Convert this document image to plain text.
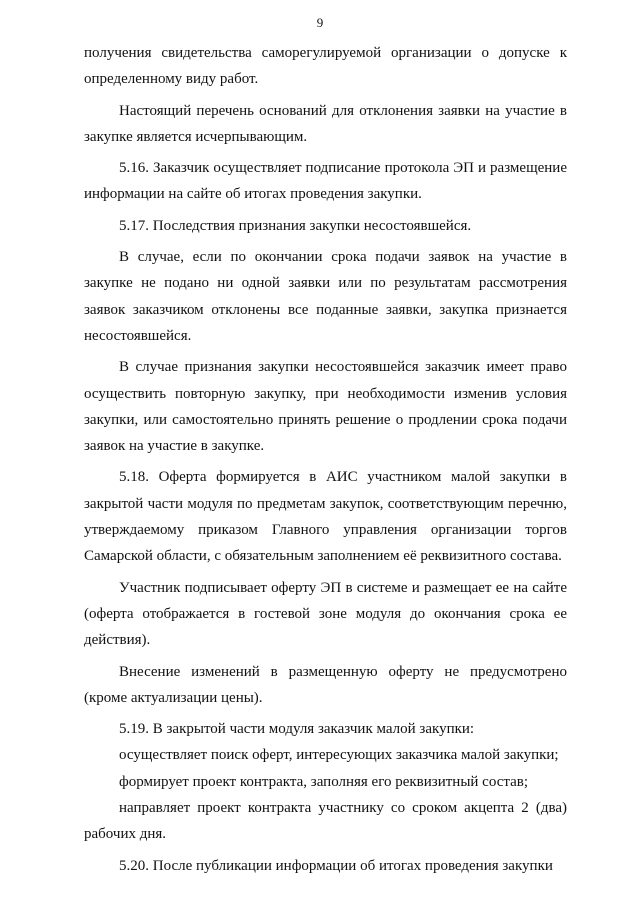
9

получения свидетельства саморегулируемой организации о допуске к определенному виду работ.

Настоящий перечень оснований для отклонения заявки на участие в закупке является исчерпывающим.

5.16. Заказчик осуществляет подписание протокола ЭП и размещение информации на сайте об итогах проведения закупки.

5.17. Последствия признания закупки несостоявшейся.

В случае, если по окончании срока подачи заявок на участие в закупке не подано ни одной заявки или по результатам рассмотрения заявок заказчиком отклонены все поданные заявки, закупка признается несостоявшейся.

В случае признания закупки несостоявшейся заказчик имеет право осуществить повторную закупку, при необходимости изменив условия закупки, или самостоятельно принять решение о продлении срока подачи заявок на участие в закупке.

5.18. Оферта формируется в АИС участником малой закупки в закрытой части модуля по предметам закупок, соответствующим перечню, утверждаемому приказом Главного управления организации торгов Самарской области, с обязательным заполнением её реквизитного состава.

Участник подписывает оферту ЭП в системе и размещает ее на сайте (оферта отображается в гостевой зоне модуля до окончания срока ее действия).

Внесение изменений в размещенную оферту не предусмотрено (кроме актуализации цены).

5.19. В закрытой части модуля заказчик малой закупки:

осуществляет поиск оферт, интересующих заказчика малой закупки;

формирует проект контракта, заполняя его реквизитный состав;

направляет проект контракта участнику со сроком акцепта 2 (два) рабочих дня.

5.20. После публикации информации об итогах проведения закупки
